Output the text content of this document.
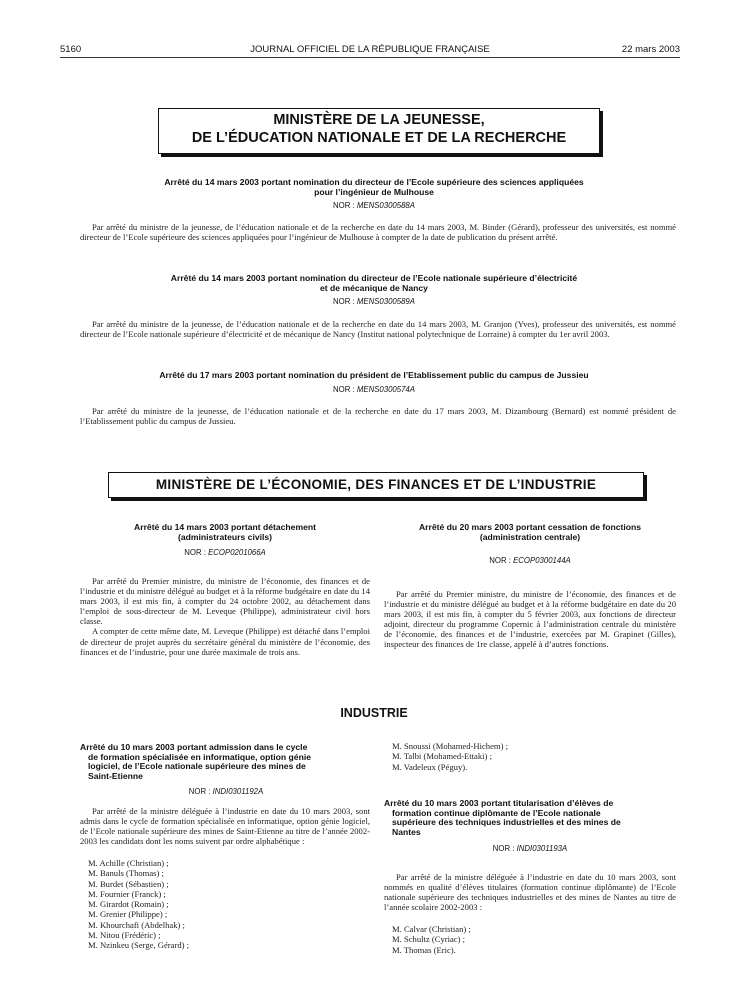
5160	JOURNAL OFFICIEL DE LA RÉPUBLIQUE FRANÇAISE	22 mars 2003
MINISTÈRE DE LA JEUNESSE,
DE L’ÉDUCATION NATIONALE ET DE LA RECHERCHE
Arrêté du 14 mars 2003 portant nomination du directeur de l’Ecole supérieure des sciences appliquées
pour l’ingénieur de Mulhouse
NOR : MENS0300588A

Par arrêté du ministre de la jeunesse, de l’éducation nationale et de la recherche en date du 14 mars 2003, M. Binder (Gérard), professeur des universités, est nommé directeur de l’Ecole supérieure des sciences appliquées pour l’ingénieur de Mulhouse à compter de la date de publication du présent arrêté.

Arrêté du 14 mars 2003 portant nomination du directeur de l’Ecole nationale supérieure d’électricité
et de mécanique de Nancy
NOR : MENS0300589A

Par arrêté du ministre de la jeunesse, de l’éducation nationale et de la recherche en date du 14 mars 2003, M. Granjon (Yves), professeur des universités, est nommé directeur de l’Ecole nationale supérieure d’électricité et de mécanique de Nancy (Institut national polytechnique de Lorraine) à compter du 1er avril 2003.

Arrêté du 17 mars 2003 portant nomination du président de l’Etablissement public du campus de Jussieu
NOR : MENS0300574A

Par arrêté du ministre de la jeunesse, de l’éducation nationale et de la recherche en date du 17 mars 2003, M. Dizambourg (Bernard) est nommé président de l’Etablissement public du campus de Jussieu.

MINISTÈRE DE L’ÉCONOMIE, DES FINANCES ET DE L’INDUSTRIE
Arrêté du 14 mars 2003 portant détachement
(administrateurs civils)
NOR : ECOP0201066A

Par arrêté du Premier ministre, du ministre de l’économie, des finances et de l’industrie et du ministre délégué au budget et à la réforme budgétaire en date du 14 mars 2003, il est mis fin, à compter du 24 octobre 2002, au détachement dans l’emploi de sous-directeur de M. Leveque (Philippe), administrateur civil hors classe.

A compter de cette même date, M. Leveque (Philippe) est détaché dans l’emploi de directeur de projet auprès du secrétaire général du ministère de l’économie, des finances et de l’industrie, pour une durée maximale de trois ans.

Arrêté du 20 mars 2003 portant cessation de fonctions
(administration centrale)
NOR : ECOP0300144A

Par arrêté du Premier ministre, du ministre de l’économie, des finances et de l’industrie et du ministre délégué au budget et à la réforme budgétaire en date du 20 mars 2003, il est mis fin, à compter du 5 février 2003, aux fonctions de directeur adjoint, directeur du programme Copernic à l’administration centrale du ministère de l’économie, des finances et de l’industrie, exercées par M. Grapinet (Gilles), inspecteur des finances de 1re classe, appelé à d’autres fonctions.

INDUSTRIE
Arrêté du 10 mars 2003 portant admission dans le cycle
de formation spécialisée en informatique, option génie
logiciel, de l’Ecole nationale supérieure des mines de
Saint-Etienne
NOR : INDI0301192A

Par arrêté de la ministre déléguée à l’industrie en date du 10 mars 2003, sont admis dans le cycle de formation spécialisée en informatique, option génie logiciel, de l’Ecole nationale supérieure des mines de Saint-Etienne au titre de l’année 2002-2003 les candidats dont les noms suivent par ordre alphabétique :

M. Achille (Christian) ;
M. Banuls (Thomas) ;
M. Burdet (Sébastien) ;
M. Fournier (Franck) ;
M. Girardot (Romain) ;
M. Grenier (Philippe) ;
M. Khourchafi (Abdelhak) ;
M. Nitou (Frédéric) ;
M. Nzinkeu (Serge, Gérard) ;
M. Snoussi (Mohamed-Hichem) ;
M. Talbi (Mohamed-Ettaki) ;
M. Vadeleux (Péguy).
Arrêté du 10 mars 2003 portant titularisation d’élèves de
formation continue diplômante de l’Ecole nationale
supérieure des techniques industrielles et des mines de
Nantes
NOR : INDI0301193A

Par arrêté de la ministre déléguée à l’industrie en date du 10 mars 2003, sont nommés en qualité d’élèves titulaires (formation continue diplômante) de l’Ecole nationale supérieure des techniques industrielles et des mines de Nantes au titre de l’année scolaire 2002-2003 :

M. Calvar (Christian) ;
M. Schultz (Cyriac) ;
M. Thomas (Eric).
